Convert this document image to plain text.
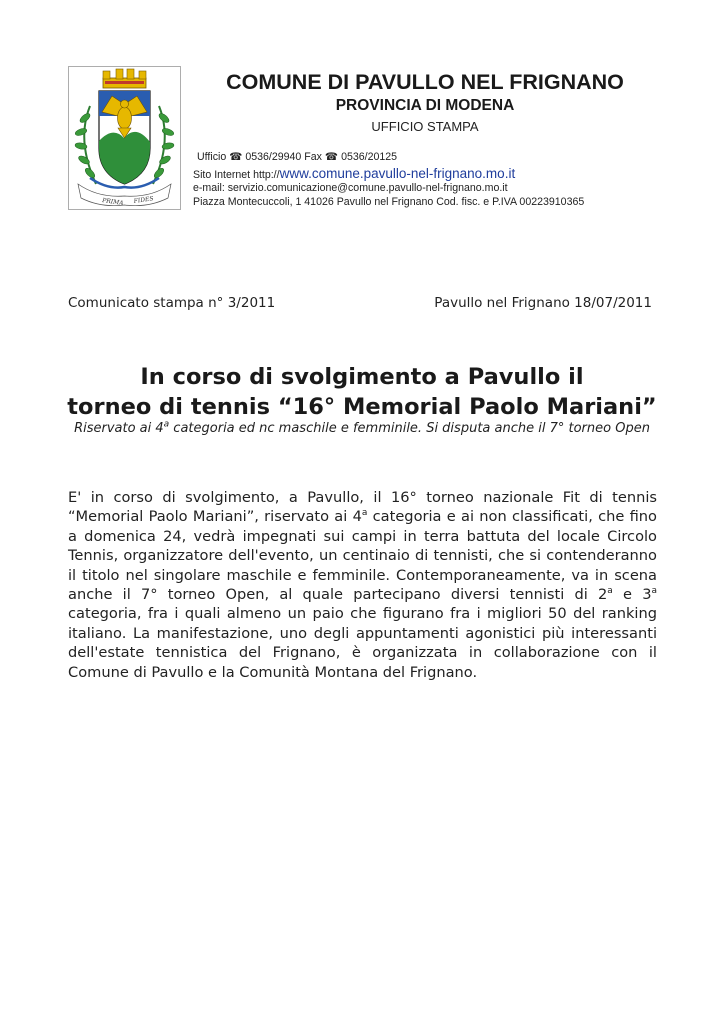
PRIMA FIDES
COMUNE DI PAVULLO NEL FRIGNANO
PROVINCIA DI MODENA
UFFICIO STAMPA
Ufficio ☎ 0536/29940 Fax ☎ 0536/20125
Sito Internet http://www.comune.pavullo-nel-frignano.mo.it
e-mail: servizio.comunicazione@comune.pavullo-nel-frignano.mo.it
Piazza Montecuccoli, 1 41026 Pavullo nel Frignano Cod. fisc. e P.IVA 00223910365
Comunicato stampa n° 3/2011	Pavullo nel Frignano 18/07/2011
In corso di svolgimento a Pavullo il
torneo di tennis “16° Memorial Paolo Mariani”
Riservato ai 4$^a$ categoria ed nc maschile e femminile. Si disputa anche il 7° torneo Open
E' in corso di svolgimento, a Pavullo, il 16° torneo nazionale Fit di tennis “Memorial Paolo Mariani”, riservato ai 4$^a$ categoria e ai non classificati, che fino a domenica 24, vedrà impegnati sui campi in terra battuta del locale Circolo Tennis, organizzatore dell'evento, un centinaio di tennisti, che si contenderanno il titolo nel singolare maschile e femminile. Contemporaneamente, va in scena anche il 7° torneo Open, al quale partecipano diversi tennisti di 2$^a$ e 3$^a$ categoria, fra i quali almeno un paio che figurano fra i migliori 50 del ranking italiano. La manifestazione, uno degli appuntamenti agonistici più interessanti dell'estate tennistica del Frignano, è organizzata in collaborazione con il Comune di Pavullo e la Comunità Montana del Frignano.
